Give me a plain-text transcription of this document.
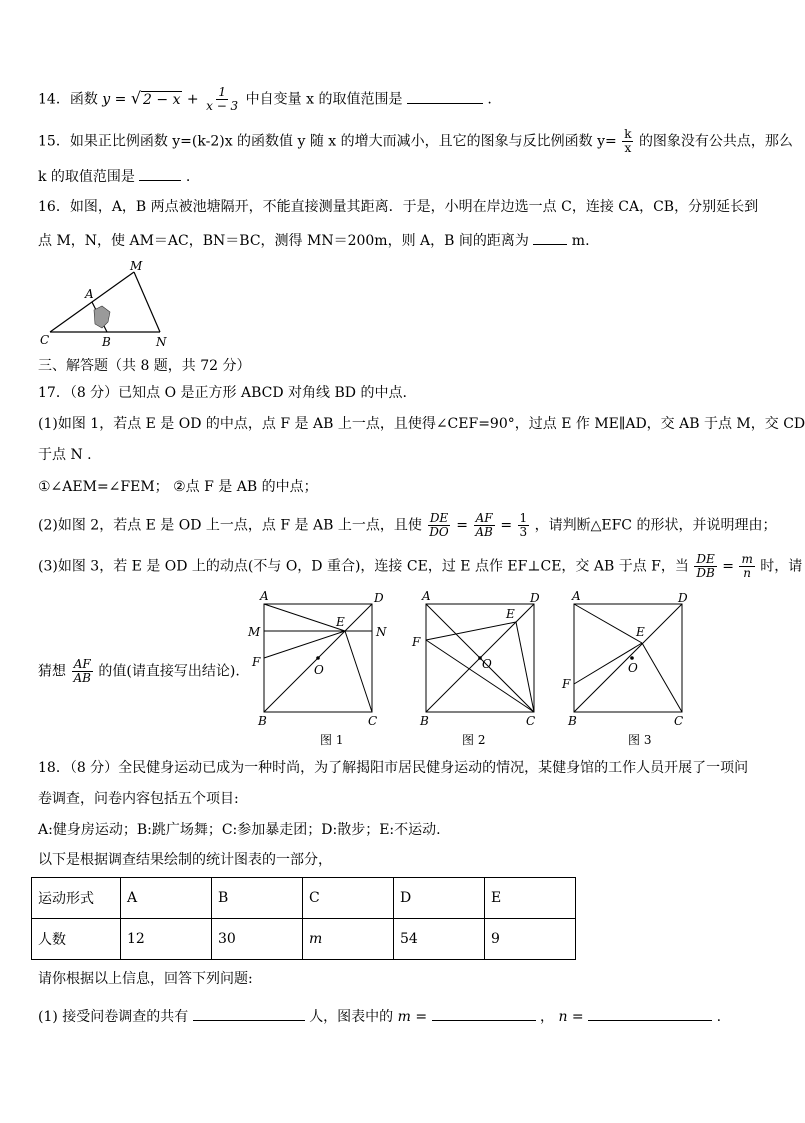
14．函数 y = √ $2 - x + \frac{1}{x - 3}$ 中自变量 x 的取值范围是	.
15．如果正比例函数 y=(k-2)x 的函数值 y 随 x 的增大而减小，且它的图象与反比例函数 $y= \frac{k}{x}$ 的图象没有公共点，那么
k 的取值范围是	.
16．如图，A，B 两点被池塘隔开，不能直接测量其距离．于是，小明在岸边选一点 C，连接 CA，CB，分别延长到
点 M，N，使 AM＝AC，BN＝BC，测得 MN＝200m，则 A，B 间的距离为	m.
M
A
C	B	N
三、解答题（共 8 题，共 72 分）
17．（8 分）已知点 O 是正方形 ABCD 对角线 BD 的中点.
(1)如图 1，若点 E 是 OD 的中点，点 F 是 AB 上一点，且使得∠CEF=90°，过点 E 作 ME∥AD，交 AB 于点 M，交 CD
于点 N .
①∠AEM=∠FEM； ②点 F 是 AB 的中点；
(2)如图 2，若点 E 是 OD 上一点，点 F 是 AB 上一点，且使 $\frac{DE}{DO} = \frac{AF}{AB} = \frac{1}{3}$ ，请判断△EFC 的形状，并说明理由；
(3)如图 3，若 E 是 OD 上的动点(不与 O，D 重合)，连接 CE，过 E 点作 EF⊥CE，交 AB 于点 F，当 $\frac{DE}{DB} = \frac{m}{n}$ 时，请
猜想 $\frac{AF}{AB}$ 的值(请直接写出结论).
A	D
M	N
E
F
O
B	C
图 1
A	D
E
F
O
B	C
图 2
A	D
E
F
O
B	C
图 3
18．（8 分）全民健身运动已成为一种时尚，为了解揭阳市居民健身运动的情况，某健身馆的工作人员开展了一项问
卷调查，问卷内容包括五个项目:
A:健身房运动；B:跳广场舞；C:参加暴走团；D:散步；E:不运动.
以下是根据调查结果绘制的统计图表的一部分，
运动形式	A	B	C	D	E
人数	12	30	m	54	9
请你根据以上信息，回答下列问题:
(1) 接受问卷调查的共有	人，图表中的 m =	， n =	.
